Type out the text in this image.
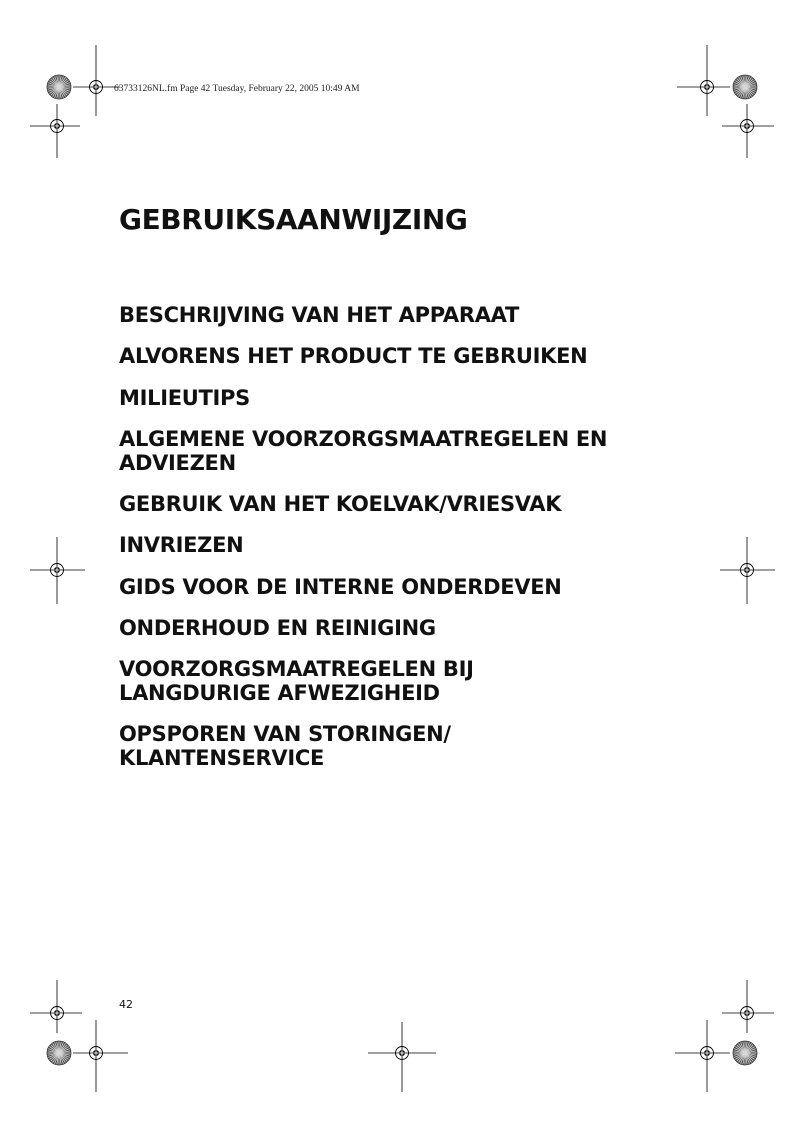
63733126NL.fm Page 42 Tuesday, February 22, 2005 10:49 AM
GEBRUIKSAANWIJZING
BESCHRIJVING VAN HET APPARAAT
ALVORENS HET PRODUCT TE GEBRUIKEN
MILIEUTIPS
ALGEMENE VOORZORGSMAATREGELEN EN
ADVIEZEN
GEBRUIK VAN HET KOELVAK/VRIESVAK
INVRIEZEN
GIDS VOOR DE INTERNE ONDERDEVEN
ONDERHOUD EN REINIGING
VOORZORGSMAATREGELEN BIJ
LANGDURIGE AFWEZIGHEID
OPSPOREN VAN STORINGEN/
KLANTENSERVICE
42
